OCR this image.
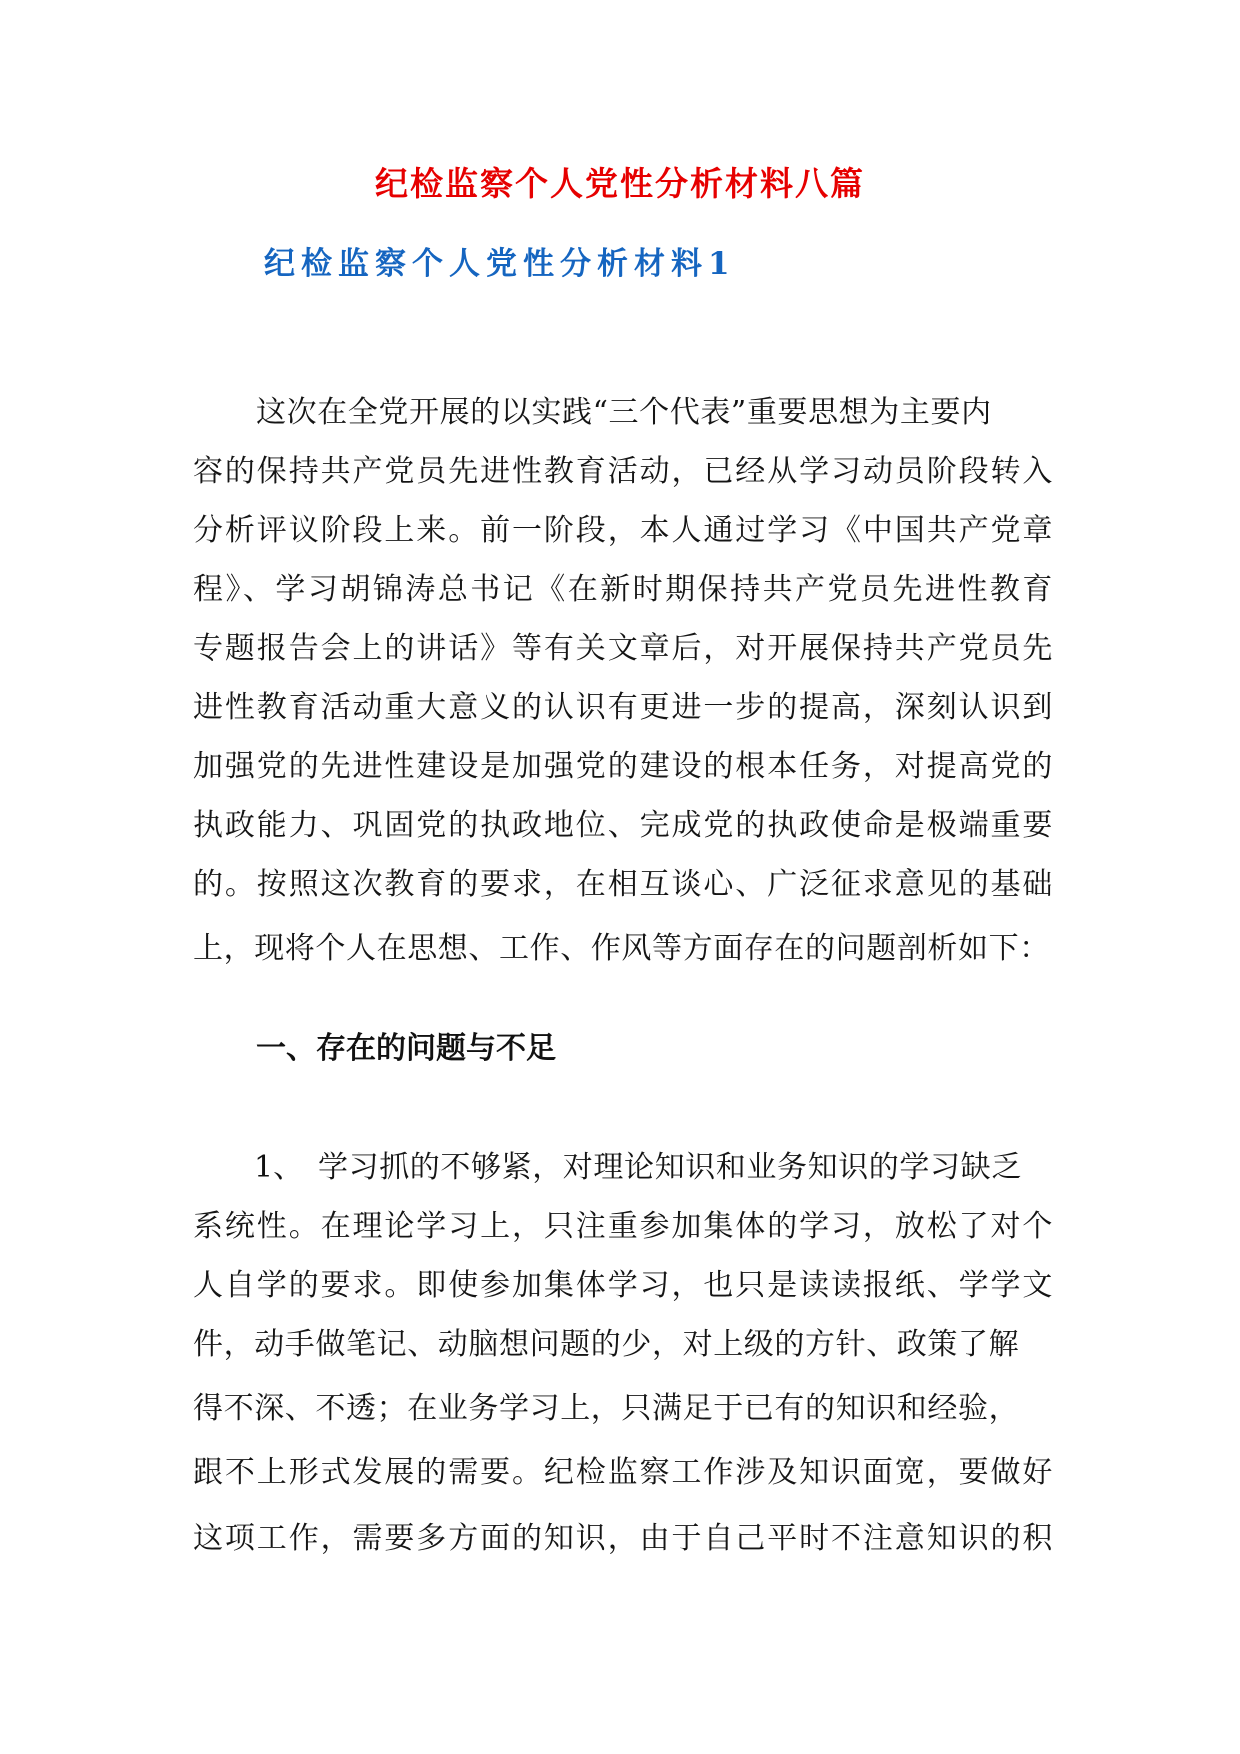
纪检监察个人党性分析材料八篇
纪检监察个人党性分析材料1
这次在全党开展的以实践“三个代表”重要思想为主要内
容的保持共产党员先进性教育活动，已经从学习动员阶段转入
分析评议阶段上来。前一阶段，本人通过学习《中国共产党章
程》、学习胡锦涛总书记《在新时期保持共产党员先进性教育
专题报告会上的讲话》等有关文章后，对开展保持共产党员先
进性教育活动重大意义的认识有更进一步的提高，深刻认识到
加强党的先进性建设是加强党的建设的根本任务，对提高党的
执政能力、巩固党的执政地位、完成党的执政使命是极端重要
的。按照这次教育的要求，在相互谈心、广泛征求意见的基础
上，现将个人在思想、工作、作风等方面存在的问题剖析如下：
一、存在的问题与不足
1、 学习抓的不够紧，对理论知识和业务知识的学习缺乏
系统性。在理论学习上，只注重参加集体的学习，放松了对个
人自学的要求。即使参加集体学习，也只是读读报纸、学学文
件，动手做笔记、动脑想问题的少，对上级的方针、政策了解
得不深、不透；在业务学习上，只满足于已有的知识和经验，
跟不上形式发展的需要。纪检监察工作涉及知识面宽，要做好
这项工作，需要多方面的知识，由于自己平时不注意知识的积
